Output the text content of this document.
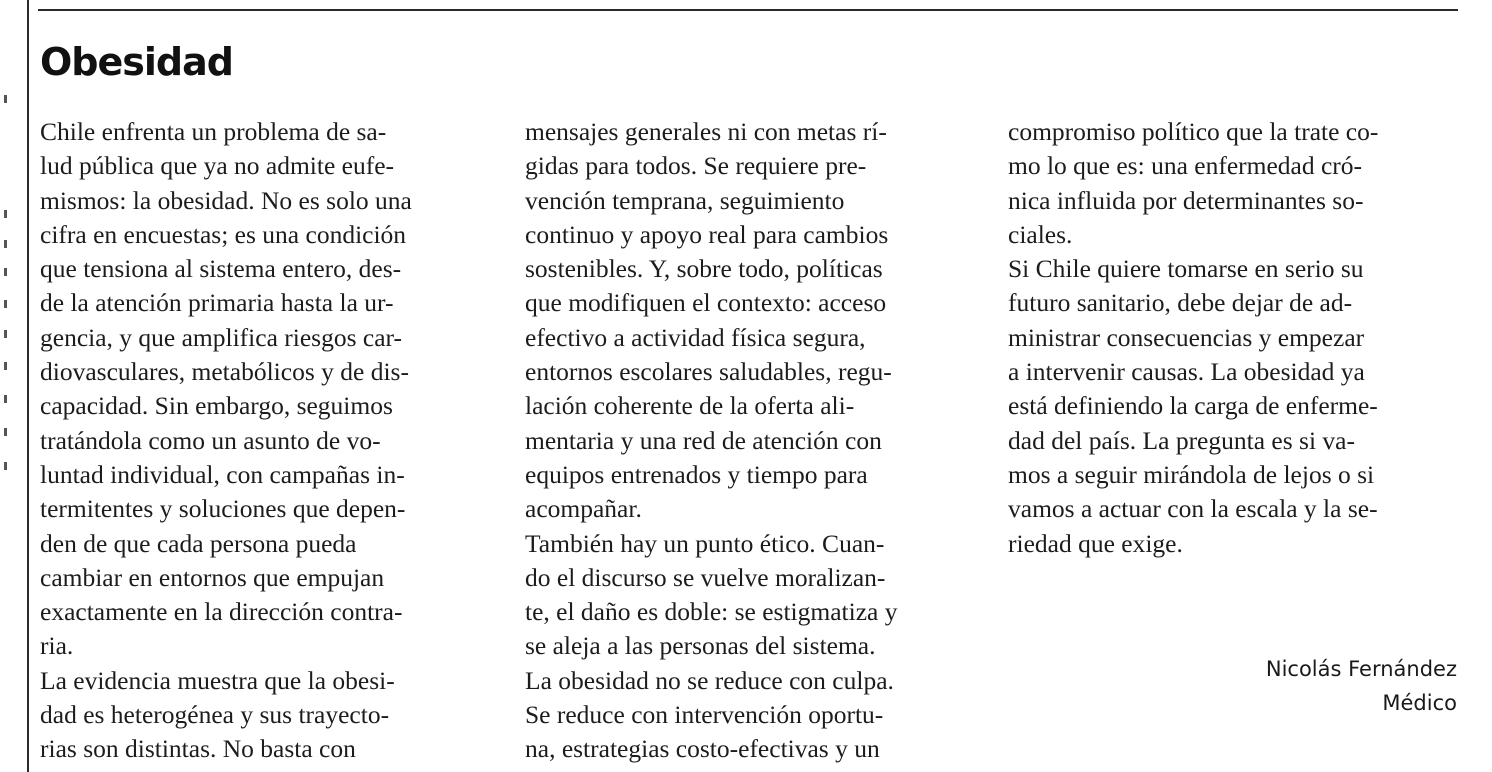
Obesidad
Chile enfrenta un problema de sa-
lud pública que ya no admite eufe-
mismos: la obesidad. No es solo una
cifra en encuestas; es una condición
que tensiona al sistema entero, des-
de la atención primaria hasta la ur-
gencia, y que amplifica riesgos car-
diovasculares, metabólicos y de dis-
capacidad. Sin embargo, seguimos
tratándola como un asunto de vo-
luntad individual, con campañas in-
termitentes y soluciones que depen-
den de que cada persona pueda
cambiar en entornos que empujan
exactamente en la dirección contra-
ria.
La evidencia muestra que la obesi-
dad es heterogénea y sus trayecto-
rias son distintas. No basta con
mensajes generales ni con metas rí-
gidas para todos. Se requiere pre-
vención temprana, seguimiento
continuo y apoyo real para cambios
sostenibles. Y, sobre todo, políticas
que modifiquen el contexto: acceso
efectivo a actividad física segura,
entornos escolares saludables, regu-
lación coherente de la oferta ali-
mentaria y una red de atención con
equipos entrenados y tiempo para
acompañar.
También hay un punto ético. Cuan-
do el discurso se vuelve moralizan-
te, el daño es doble: se estigmatiza y
se aleja a las personas del sistema.
La obesidad no se reduce con culpa.
Se reduce con intervención oportu-
na, estrategias costo-efectivas y un
compromiso político que la trate co-
mo lo que es: una enfermedad cró-
nica influida por determinantes so-
ciales.
Si Chile quiere tomarse en serio su
futuro sanitario, debe dejar de ad-
ministrar consecuencias y empezar
a intervenir causas. La obesidad ya
está definiendo la carga de enferme-
dad del país. La pregunta es si va-
mos a seguir mirándola de lejos o si
vamos a actuar con la escala y la se-
riedad que exige.
Nicolás Fernández
Médico
